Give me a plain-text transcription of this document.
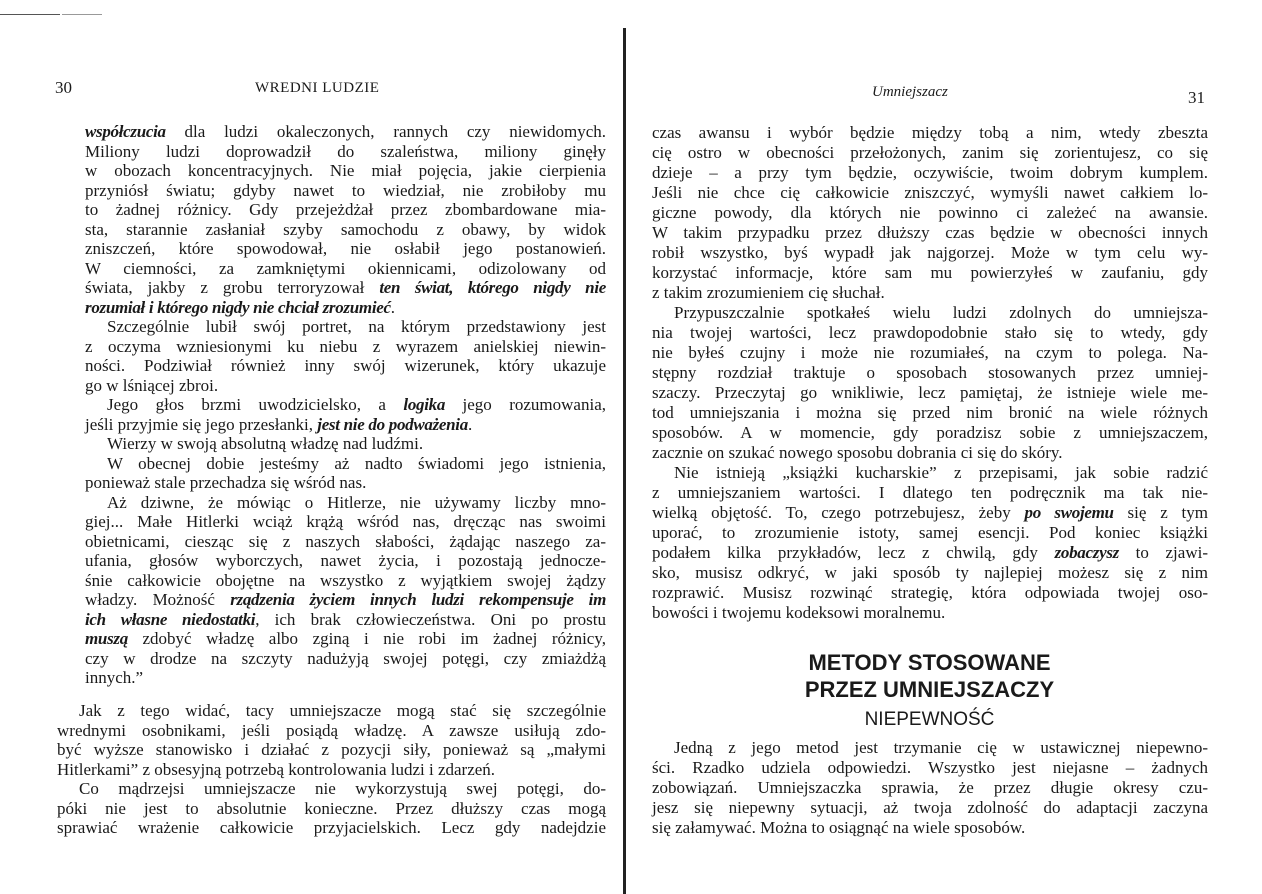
30	WREDNI LUDZIE
współczucia dla ludzi okaleczonych, rannych czy niewidomych.
Miliony ludzi doprowadził do szaleństwa, miliony ginęły
w obozach koncentracyjnych. Nie miał pojęcia, jakie cierpienia
przyniósł światu; gdyby nawet to wiedział, nie zrobiłoby mu
to żadnej różnicy. Gdy przejeżdżał przez zbombardowane mia-
sta, starannie zasłaniał szyby samochodu z obawy, by widok
zniszczeń, które spowodował, nie osłabił jego postanowień.
W ciemności, za zamkniętymi okiennicami, odizolowany od
świata, jakby z grobu terroryzował ten świat, którego nigdy nie
rozumiał i którego nigdy nie chciał zrozumieć.
Szczególnie lubił swój portret, na którym przedstawiony jest
z oczyma wzniesionymi ku niebu z wyrazem anielskiej niewin-
ności. Podziwiał również inny swój wizerunek, który ukazuje
go w lśniącej zbroi.
Jego głos brzmi uwodzicielsko, a logika jego rozumowania,
jeśli przyjmie się jego przesłanki, jest nie do podważenia.
Wierzy w swoją absolutną władzę nad ludźmi.
W obecnej dobie jesteśmy aż nadto świadomi jego istnienia,
ponieważ stale przechadza się wśród nas.
Aż dziwne, że mówiąc o Hitlerze, nie używamy liczby mno-
giej... Małe Hitlerki wciąż krążą wśród nas, dręcząc nas swoimi
obietnicami, ciesząc się z naszych słabości, żądając naszego za-
ufania, głosów wyborczych, nawet życia, i pozostają jednocze-
śnie całkowicie obojętne na wszystko z wyjątkiem swojej żądzy
władzy. Możność rządzenia życiem innych ludzi rekompensuje im
ich własne niedostatki, ich brak człowieczeństwa. Oni po prostu
muszą zdobyć władzę albo zginą i nie robi im żadnej różnicy,
czy w drodze na szczyty nadużyją swojej potęgi, czy zmiażdżą
innych.”
Jak z tego widać, tacy umniejszacze mogą stać się szczególnie
wrednymi osobnikami, jeśli posiądą władzę. A zawsze usiłują zdo-
być wyższe stanowisko i działać z pozycji siły, ponieważ są „małymi
Hitlerkami” z obsesyjną potrzebą kontrolowania ludzi i zdarzeń.
Co mądrzejsi umniejszacze nie wykorzystują swej potęgi, do-
póki nie jest to absolutnie konieczne. Przez dłuższy czas mogą
sprawiać wrażenie całkowicie przyjacielskich. Lecz gdy nadejdzie
Umniejszacz	31
czas awansu i wybór będzie między tobą a nim, wtedy zbeszta
cię ostro w obecności przełożonych, zanim się zorientujesz, co się
dzieje – a przy tym będzie, oczywiście, twoim dobrym kumplem.
Jeśli nie chce cię całkowicie zniszczyć, wymyśli nawet całkiem lo-
giczne powody, dla których nie powinno ci zależeć na awansie.
W takim przypadku przez dłuższy czas będzie w obecności innych
robił wszystko, byś wypadł jak najgorzej. Może w tym celu wy-
korzystać informacje, które sam mu powierzyłeś w zaufaniu, gdy
z takim zrozumieniem cię słuchał.
Przypuszczalnie spotkałeś wielu ludzi zdolnych do umniejsza-
nia twojej wartości, lecz prawdopodobnie stało się to wtedy, gdy
nie byłeś czujny i może nie rozumiałeś, na czym to polega. Na-
stępny rozdział traktuje o sposobach stosowanych przez umniej-
szaczy. Przeczytaj go wnikliwie, lecz pamiętaj, że istnieje wiele me-
tod umniejszania i można się przed nim bronić na wiele różnych
sposobów. A w momencie, gdy poradzisz sobie z umniejszaczem,
zacznie on szukać nowego sposobu dobrania ci się do skóry.
Nie istnieją „książki kucharskie” z przepisami, jak sobie radzić
z umniejszaniem wartości. I dlatego ten podręcznik ma tak nie-
wielką objętość. To, czego potrzebujesz, żeby po swojemu się z tym
uporać, to zrozumienie istoty, samej esencji. Pod koniec książki
podałem kilka przykładów, lecz z chwilą, gdy zobaczysz to zjawi-
sko, musisz odkryć, w jaki sposób ty najlepiej możesz się z nim
rozprawić. Musisz rozwinąć strategię, która odpowiada twojej oso-
bowości i twojemu kodeksowi moralnemu.
METODY STOSOWANE
PRZEZ UMNIEJSZACZY
NIEPEWNOŚĆ
Jedną z jego metod jest trzymanie cię w ustawicznej niepewno-
ści. Rzadko udziela odpowiedzi. Wszystko jest niejasne – żadnych
zobowiązań. Umniejszaczka sprawia, że przez długie okresy czu-
jesz się niepewny sytuacji, aż twoja zdolność do adaptacji zaczyna
się załamywać. Można to osiągnąć na wiele sposobów.
